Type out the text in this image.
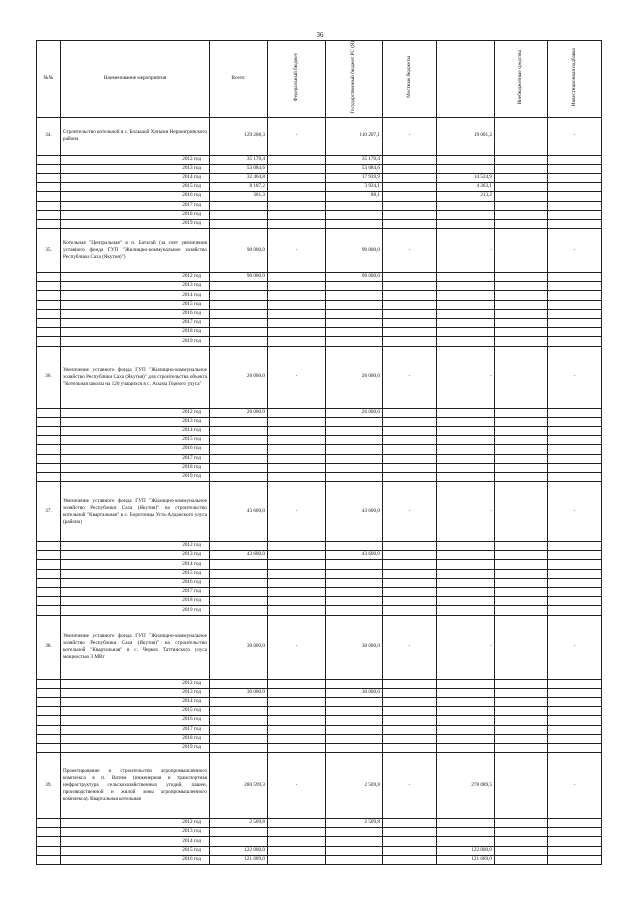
36
№№	Наименование мероприятия	Всего:	Федеральный бюджет	Государственный бюджет РС (Я)	Местные бюджеты		Внебюджетные средства	Инвестиционная надбавка
34.	Строительство котельной в с. Большой Хатыми Нерюнгринского района	129 208,3	-	110 207,1	-	19 001,2		-
	2012 год	35 170,4		35 170,4				
	2013 год	53 084,6		53 084,6				
	2014 год	32 464,8		17 939,9		14 524,9		
	2015 год	8 187,2		3 924,1		4 263,1		
	2016 год	301,3		88,1		213,2		
	2017 год							
	2018 год							
	2019 год							
35.	Котельная "Центральная" в п. Батагай (за счет увеличения уставного фонда ГУП "Жилищно-коммунальное хозяйство Республики Саха (Якутия)")	90 000,0	-	90 000,0	-	-		-
	2012 год	90 000,0		90 000,0				
	2013 год							
	2014 год							
	2015 год							
	2016 год							
	2017 год							
	2018 год							
	2019 год							
36.	Увеличение уставного фонда ГУП "Жилищно-коммунальное хозяйство Республики Саха (Якутия)" для строительства объекта "Котельная школы на 120 учащихся в с. Асыма Горного улуса"	26 000,0	-	26 000,0	-	-		-
	2012 год	26 000,0		26 000,0				
	2013 год							
	2014 год							
	2015 год							
	2016 год							
	2017 год							
	2018 год							
	2019 год							
37.	Увеличение уставного фонда ГУП "Жилищно-коммунальное хозяйство Республики Саха (Якутия)" на строительство котельной "Квартальная" в с. Борогонцы Усть-Алданского улуса (района)	43 600,0	-	43 600,0	-	-		-
	2012 год							
	2013 год	43 600,0		43 600,0				
	2014 год							
	2015 год							
	2016 год							
	2017 год							
	2018 год							
	2019 год							
38.	Увеличение уставного фонда ГУП "Жилищно-коммунальное хозяйство Республики Саха (Якутия)" на строительство котельной "Квартальная" в с. Черкех Таттинского улуса мощностью 3 МВт	30 000,0	-	30 000,0	-	-		-
	2012 год							
	2013 год	30 000,0		30 000,0				
	2014 год							
	2015 год							
	2016 год							
	2017 год							
	2018 год							
	2019 год							
39.	Проектирование и строительство агропромышленного комплекса в п. Витим (инженерная и транспортная инфраструктура сельскохозяйственных угодий, пашен, производственной и жилой зоны агропромышленного комплекса). Квартальная котельная	280 599,3	-	2 509,8	-	278 089,5		-
	2012 год	2 509,8		2 509,8				
	2013 год							
	2014 год							
	2015 год	122 000,0				122 000,0		
	2016 год	121 689,0				121 689,0		
